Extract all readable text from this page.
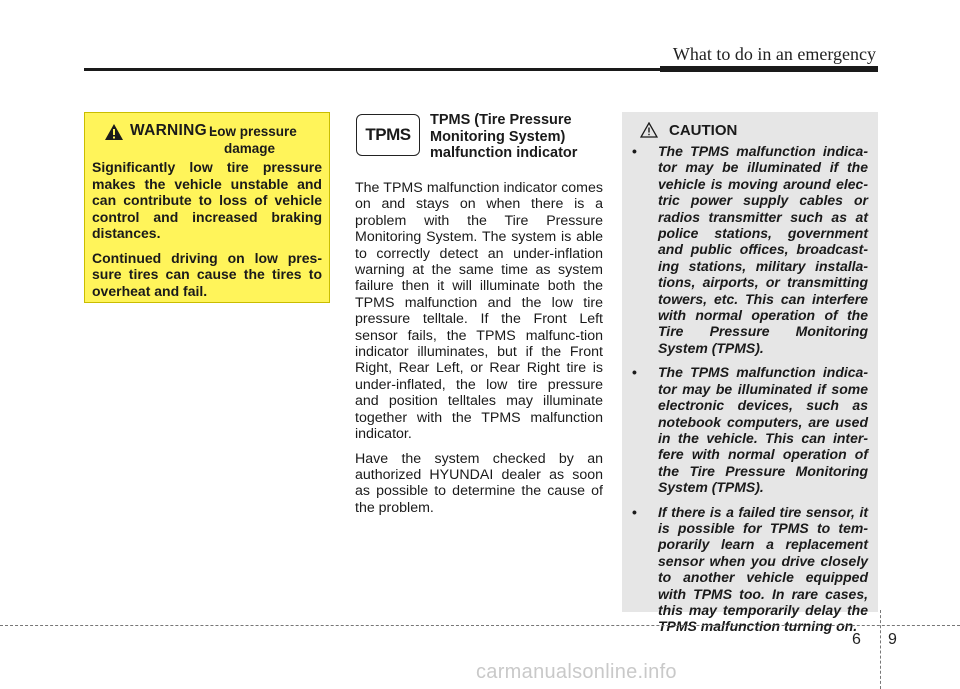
What to do in an emergency
WARNING -
Low pressure
damage

Significantly low tire pressure makes the vehicle unstable and can contribute to loss of vehicle control and increased braking distances.

Continued driving on low pres-sure tires can cause the tires to overheat and fail.

TPMS
TPMS (Tire Pressure
Monitoring System)
malfunction indicator

The TPMS malfunction indicator comes on and stays on when there is a problem with the Tire Pressure Monitoring System. The system is able to correctly detect an under-inflation warning at the same time as system failure then it will illuminate both the TPMS malfunction and the low tire pressure telltale. If the Front Left sensor fails, the TPMS malfunc-tion indicator illuminates, but if the Front Right, Rear Left, or Rear Right tire is under-inflated, the low tire pressure and position telltales may illuminate together with the TPMS malfunction indicator.

Have the system checked by an authorized HYUNDAI dealer as soon as possible to determine the cause of the problem.

CAUTION
• The TPMS malfunction indica-tor may be illuminated if the vehicle is moving around elec-tric power supply cables or radios transmitter such as at police stations, government and public offices, broadcast-ing stations, military installa-tions, airports, or transmitting towers, etc. This can interfere with normal operation of the Tire Pressure Monitoring System (TPMS).
• The TPMS malfunction indica-tor may be illuminated if some electronic devices, such as notebook computers, are used in the vehicle. This can inter-fere with normal operation of the Tire Pressure Monitoring System (TPMS).
• If there is a failed tire sensor, it is possible for TPMS to tem-porarily learn a replacement sensor when you drive closely to another vehicle equipped with TPMS too. In rare cases, this may temporarily delay the TPMS malfunction turning on.
6 9
carmanualsonline.info
